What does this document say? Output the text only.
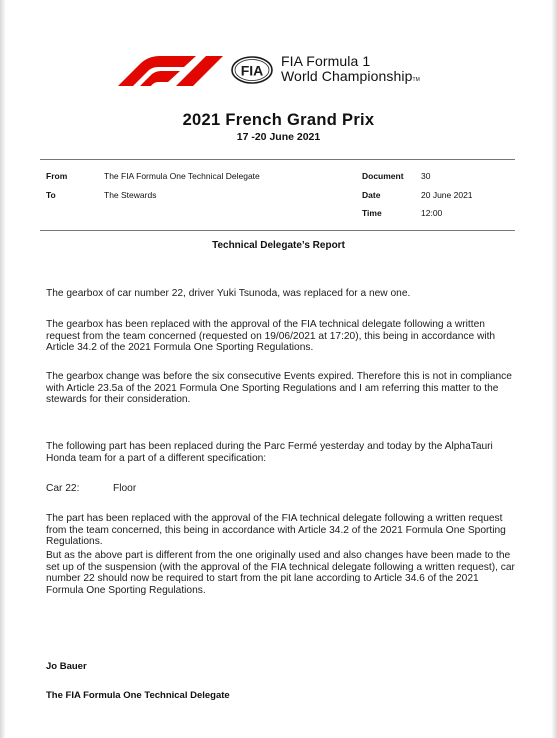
FIA
FIA Formula 1
World ChampionshipTM
2021 French Grand Prix
17 -20 June 2021
From	The FIA Formula One Technical Delegate
To	The Stewards
Document 30
Date	20 June 2021
Time	12:00
Technical Delegate’s Report
The gearbox of car number 22, driver Yuki Tsunoda, was replaced for a new one.
The gearbox has been replaced with the approval of the FIA technical delegate following a written request from the team concerned (requested on 19/06/2021 at 17:20), this being in accordance with Article 34.2 of the 2021 Formula One Sporting Regulations.
The gearbox change was before the six consecutive Events expired. Therefore this is not in compliance with Article 23.5a of the 2021 Formula One Sporting Regulations and I am referring this matter to the stewards for their consideration.
The following part has been replaced during the Parc Fermé yesterday and today by the AlphaTauri Honda team for a part of a different specification:
Car 22:	Floor
The part has been replaced with the approval of the FIA technical delegate following a written request from the team concerned, this being in accordance with Article 34.2 of the 2021 Formula One Sporting Regulations.
But as the above part is different from the one originally used and also changes have been made to the set up of the suspension (with the approval of the FIA technical delegate following a written request), car number 22 should now be required to start from the pit lane according to Article 34.6 of the 2021 Formula One Sporting Regulations.
Jo Bauer
The FIA Formula One Technical Delegate
